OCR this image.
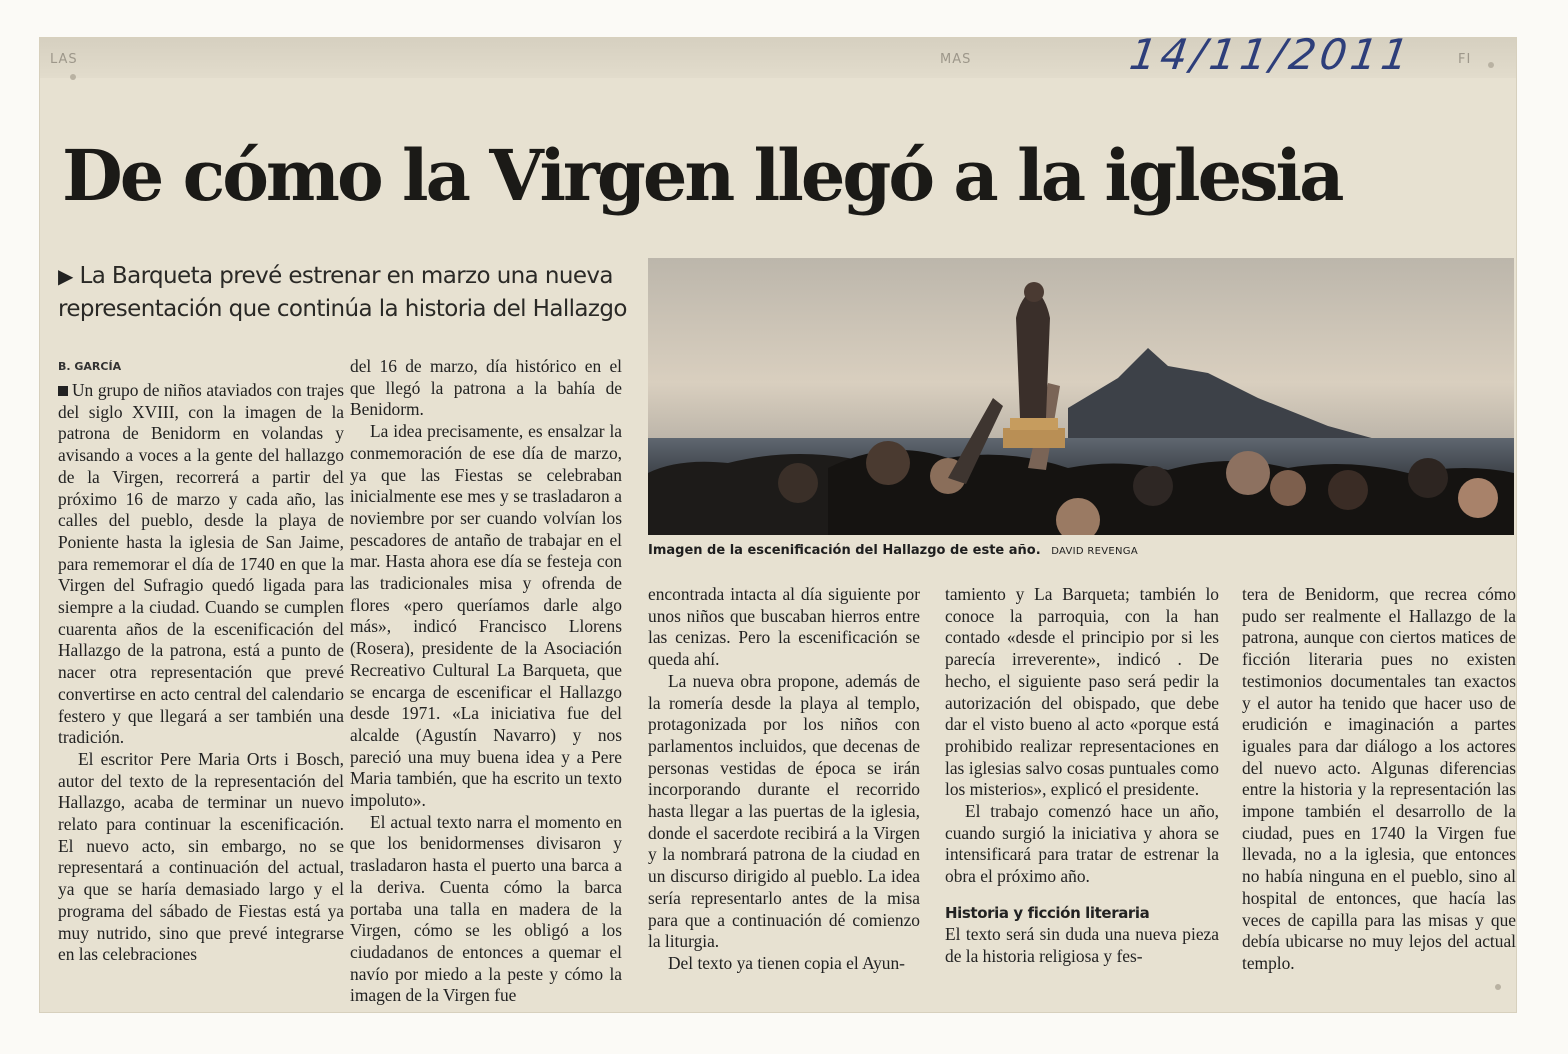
LAS	MAS	FI
De cómo la Virgen llegó a la iglesia
▶ La Barqueta prevé estrenar en marzo una nueva representación que continúa la historia del Hallazgo
B. GARCÍA

Un grupo de niños ataviados con trajes del siglo XVIII, con la imagen de la patrona de Benidorm en volandas y avisando a voces a la gente del hallazgo de la Virgen, recorrerá a partir del próximo 16 de marzo y cada año, las calles del pueblo, desde la playa de Poniente hasta la iglesia de San Jaime, para rememorar el día de 1740 en que la Virgen del Sufragio quedó ligada para siempre a la ciudad. Cuando se cumplen cuarenta años de la escenificación del Hallazgo de la patrona, está a punto de nacer otra representación que prevé convertirse en acto central del calendario festero y que llegará a ser también una tradición.

El escritor Pere Maria Orts i Bosch, autor del texto de la representación del Hallazgo, acaba de terminar un nuevo relato para continuar la escenificación. El nuevo acto, sin embargo, no se representará a continuación del actual, ya que se haría demasiado largo y el programa del sábado de Fiestas está ya muy nutrido, sino que prevé integrarse en las celebraciones

del 16 de marzo, día histórico en el que llegó la patrona a la bahía de Benidorm.

La idea precisamente, es ensalzar la conmemoración de ese día de marzo, ya que las Fiestas se celebraban inicialmente ese mes y se trasladaron a noviembre por ser cuando volvían los pescadores de antaño de trabajar en el mar. Hasta ahora ese día se festeja con las tradicionales misa y ofrenda de flores «pero queríamos darle algo más», indicó Francisco Llorens (Rosera), presidente de la Asociación Recreativo Cultural La Barqueta, que se encarga de escenificar el Hallazgo desde 1971. «La iniciativa fue del alcalde (Agustín Navarro) y nos pareció una muy buena idea y a Pere Maria también, que ha escrito un texto impoluto».

El actual texto narra el momento en que los benidormenses divisaron y trasladaron hasta el puerto una barca a la deriva. Cuenta cómo la barca portaba una talla en madera de la Virgen, cómo se les obligó a los ciudadanos de entonces a quemar el navío por miedo a la peste y cómo la imagen de la Virgen fue

Imagen de la escenificación del Hallazgo de este año. DAVID REVENGA

encontrada intacta al día siguiente por unos niños que buscaban hierros entre las cenizas. Pero la escenificación se queda ahí.

La nueva obra propone, además de la romería desde la playa al templo, protagonizada por los niños con parlamentos incluidos, que decenas de personas vestidas de época se irán incorporando durante el recorrido hasta llegar a las puertas de la iglesia, donde el sacerdote recibirá a la Virgen y la nombrará patrona de la ciudad en un discurso dirigido al pueblo. La idea sería representarlo antes de la misa para que a continuación dé comienzo la liturgia.

Del texto ya tienen copia el Ayun-

tamiento y La Barqueta; también lo conoce la parroquia, con la han contado «desde el principio por si les parecía irreverente», indicó . De hecho, el siguiente paso será pedir la autorización del obispado, que debe dar el visto bueno al acto «porque está prohibido realizar representaciones en las iglesias salvo cosas puntuales como los misterios», explicó el presidente.

El trabajo comenzó hace un año, cuando surgió la iniciativa y ahora se intensificará para tratar de estrenar la obra el próximo año.

Historia y ficción literaria

El texto será sin duda una nueva pieza de la historia religiosa y fes-

tera de Benidorm, que recrea cómo pudo ser realmente el Hallazgo de la patrona, aunque con ciertos matices de ficción literaria pues no existen testimonios documentales tan exactos y el autor ha tenido que hacer uso de erudición e imaginación a partes iguales para dar diálogo a los actores del nuevo acto. Algunas diferencias entre la historia y la representación las impone también el desarrollo de la ciudad, pues en 1740 la Virgen fue llevada, no a la iglesia, que entonces no había ninguna en el pueblo, sino al hospital de entonces, que hacía las veces de capilla para las misas y que debía ubicarse no muy lejos del actual templo.

14/11/2011
